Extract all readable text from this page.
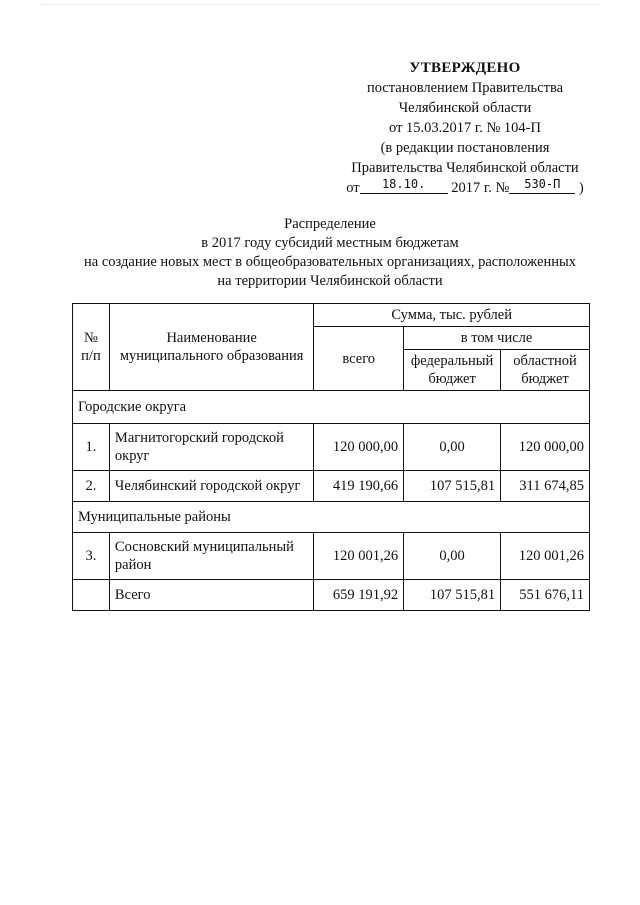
УТВЕРЖДЕНО
постановлением Правительства
Челябинской области
от 15.03.2017 г. № 104-П
(в редакции постановления
Правительства Челябинской области
от $^{18.10.}$ 2017 г. № $^{530-П}$ )
Распределение
в 2017 году субсидий местным бюджетам
на создание новых мест в общеобразовательных организациях, расположенных
на территории Челябинской области
№ п/п	Наименование муниципального образования	Сумма, тыс. рублей		
		всего	в том числе	
			федеральный бюджет	областной бюджет
Городские округа				
1.	Магнитогорский городской округ	120 000,00	0,00	120 000,00
2.	Челябинский городской округ	419 190,66	107 515,81	311 674,85
Муниципальные районы				
3.	Сосновский муниципальный район	120 001,26	0,00	120 001,26
	Всего	659 191,92	107 515,81	551 676,11
